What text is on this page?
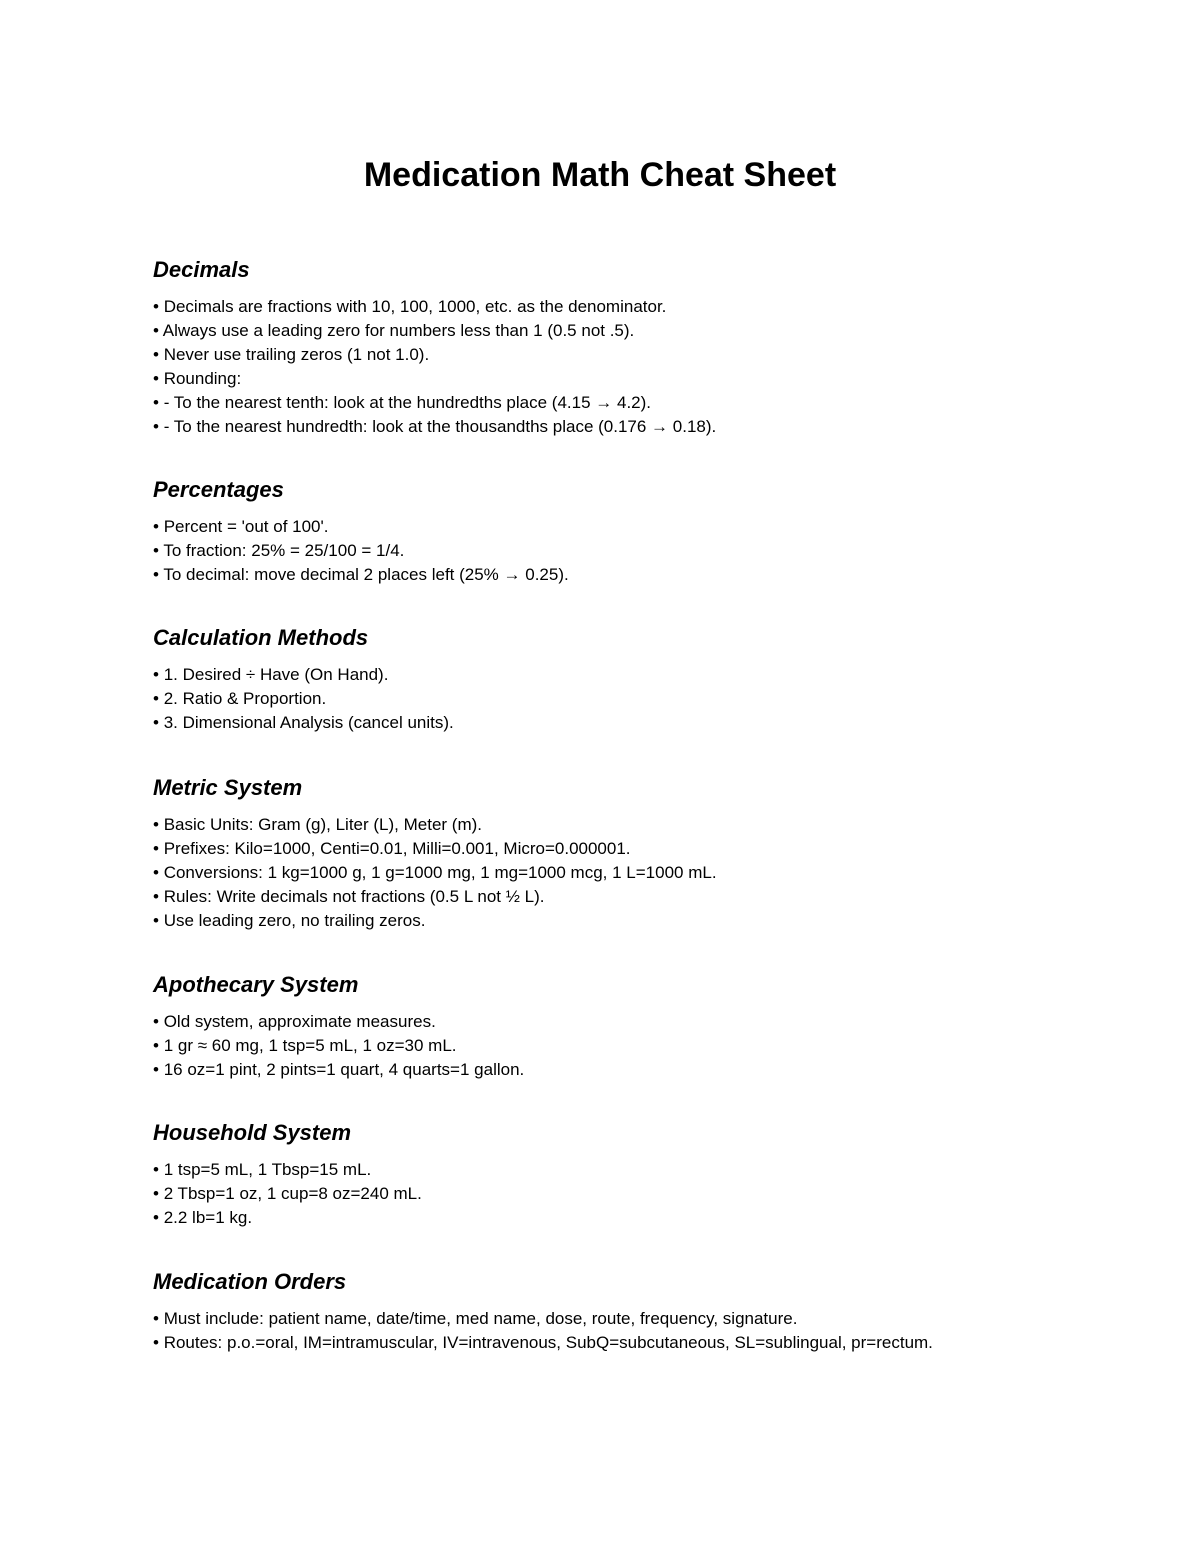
Medication Math Cheat Sheet
Decimals
• Decimals are fractions with 10, 100, 1000, etc. as the denominator.
• Always use a leading zero for numbers less than 1 (0.5 not .5).
• Never use trailing zeros (1 not 1.0).
• Rounding:
• - To the nearest tenth: look at the hundredths place (4.15 → 4.2).
• - To the nearest hundredth: look at the thousandths place (0.176 → 0.18).
Percentages
• Percent = 'out of 100'.
• To fraction: 25% = 25/100 = 1/4.
• To decimal: move decimal 2 places left (25% → 0.25).
Calculation Methods
• 1. Desired ÷ Have (On Hand).
• 2. Ratio & Proportion.
• 3. Dimensional Analysis (cancel units).
Metric System
• Basic Units: Gram (g), Liter (L), Meter (m).
• Prefixes: Kilo=1000, Centi=0.01, Milli=0.001, Micro=0.000001.
• Conversions: 1 kg=1000 g, 1 g=1000 mg, 1 mg=1000 mcg, 1 L=1000 mL.
• Rules: Write decimals not fractions (0.5 L not ½ L).
• Use leading zero, no trailing zeros.
Apothecary System
• Old system, approximate measures.
• 1 gr ≈ 60 mg, 1 tsp=5 mL, 1 oz=30 mL.
• 16 oz=1 pint, 2 pints=1 quart, 4 quarts=1 gallon.
Household System
• 1 tsp=5 mL, 1 Tbsp=15 mL.
• 2 Tbsp=1 oz, 1 cup=8 oz=240 mL.
• 2.2 lb=1 kg.
Medication Orders
• Must include: patient name, date/time, med name, dose, route, frequency, signature.
• Routes: p.o.=oral, IM=intramuscular, IV=intravenous, SubQ=subcutaneous, SL=sublingual, pr=rectum.
